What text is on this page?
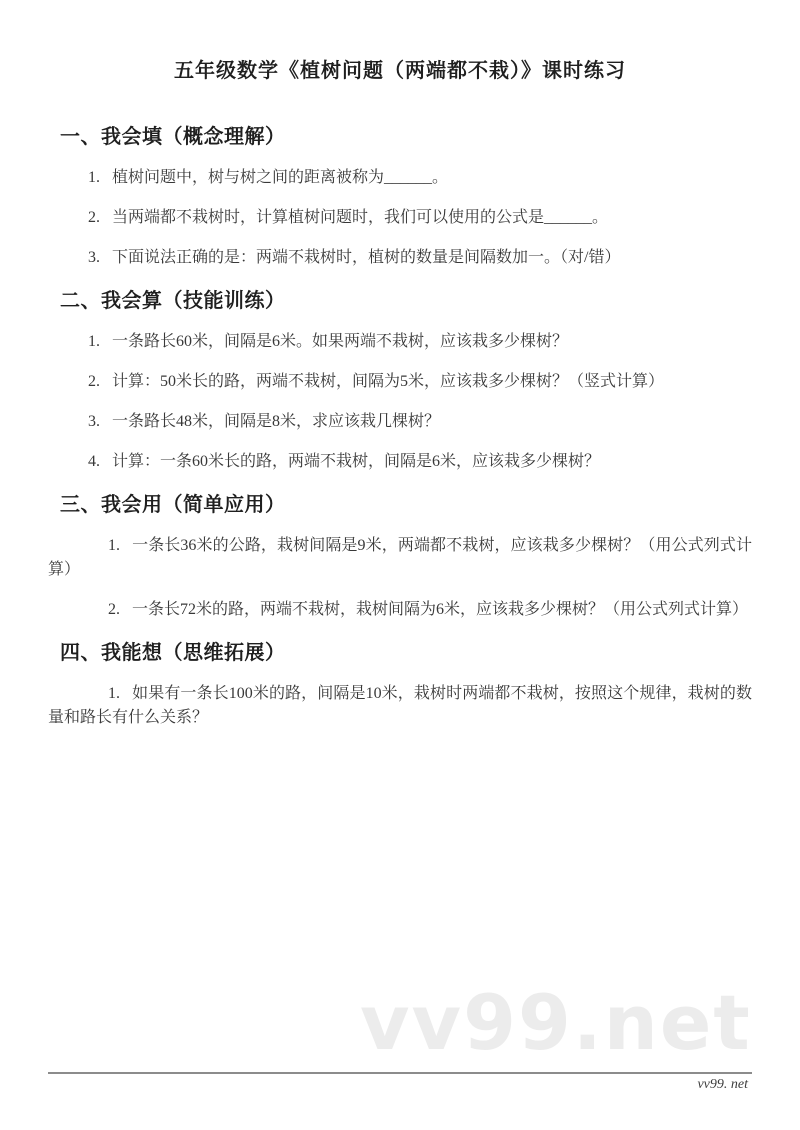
vv99.net
五年级数学《植树问题（两端都不栽）》课时练习
一、我会填（概念理解）

1. 植树问题中，树与树之间的距离被称为______。

2. 当两端都不栽树时，计算植树问题时，我们可以使用的公式是______。

3. 下面说法正确的是：两端不栽树时，植树的数量是间隔数加一。（对/错）

二、我会算（技能训练）

1. 一条路长60米，间隔是6米。如果两端不栽树，应该栽多少棵树？

2. 计算：50米长的路，两端不栽树，间隔为5米，应该栽多少棵树？（竖式计算）

3. 一条路长48米，间隔是8米，求应该栽几棵树？

4. 计算：一条60米长的路，两端不栽树，间隔是6米，应该栽多少棵树？

三、我会用（简单应用）

1. 一条长36米的公路，栽树间隔是9米，两端都不栽树，应该栽多少棵树？（用公式列式计算）

2. 一条长72米的路，两端不栽树，栽树间隔为6米，应该栽多少棵树？（用公式列式计算）

四、我能想（思维拓展）

1. 如果有一条长100米的路，间隔是10米，栽树时两端都不栽树，按照这个规律，栽树的数量和路长有什么关系？

vv99. net
